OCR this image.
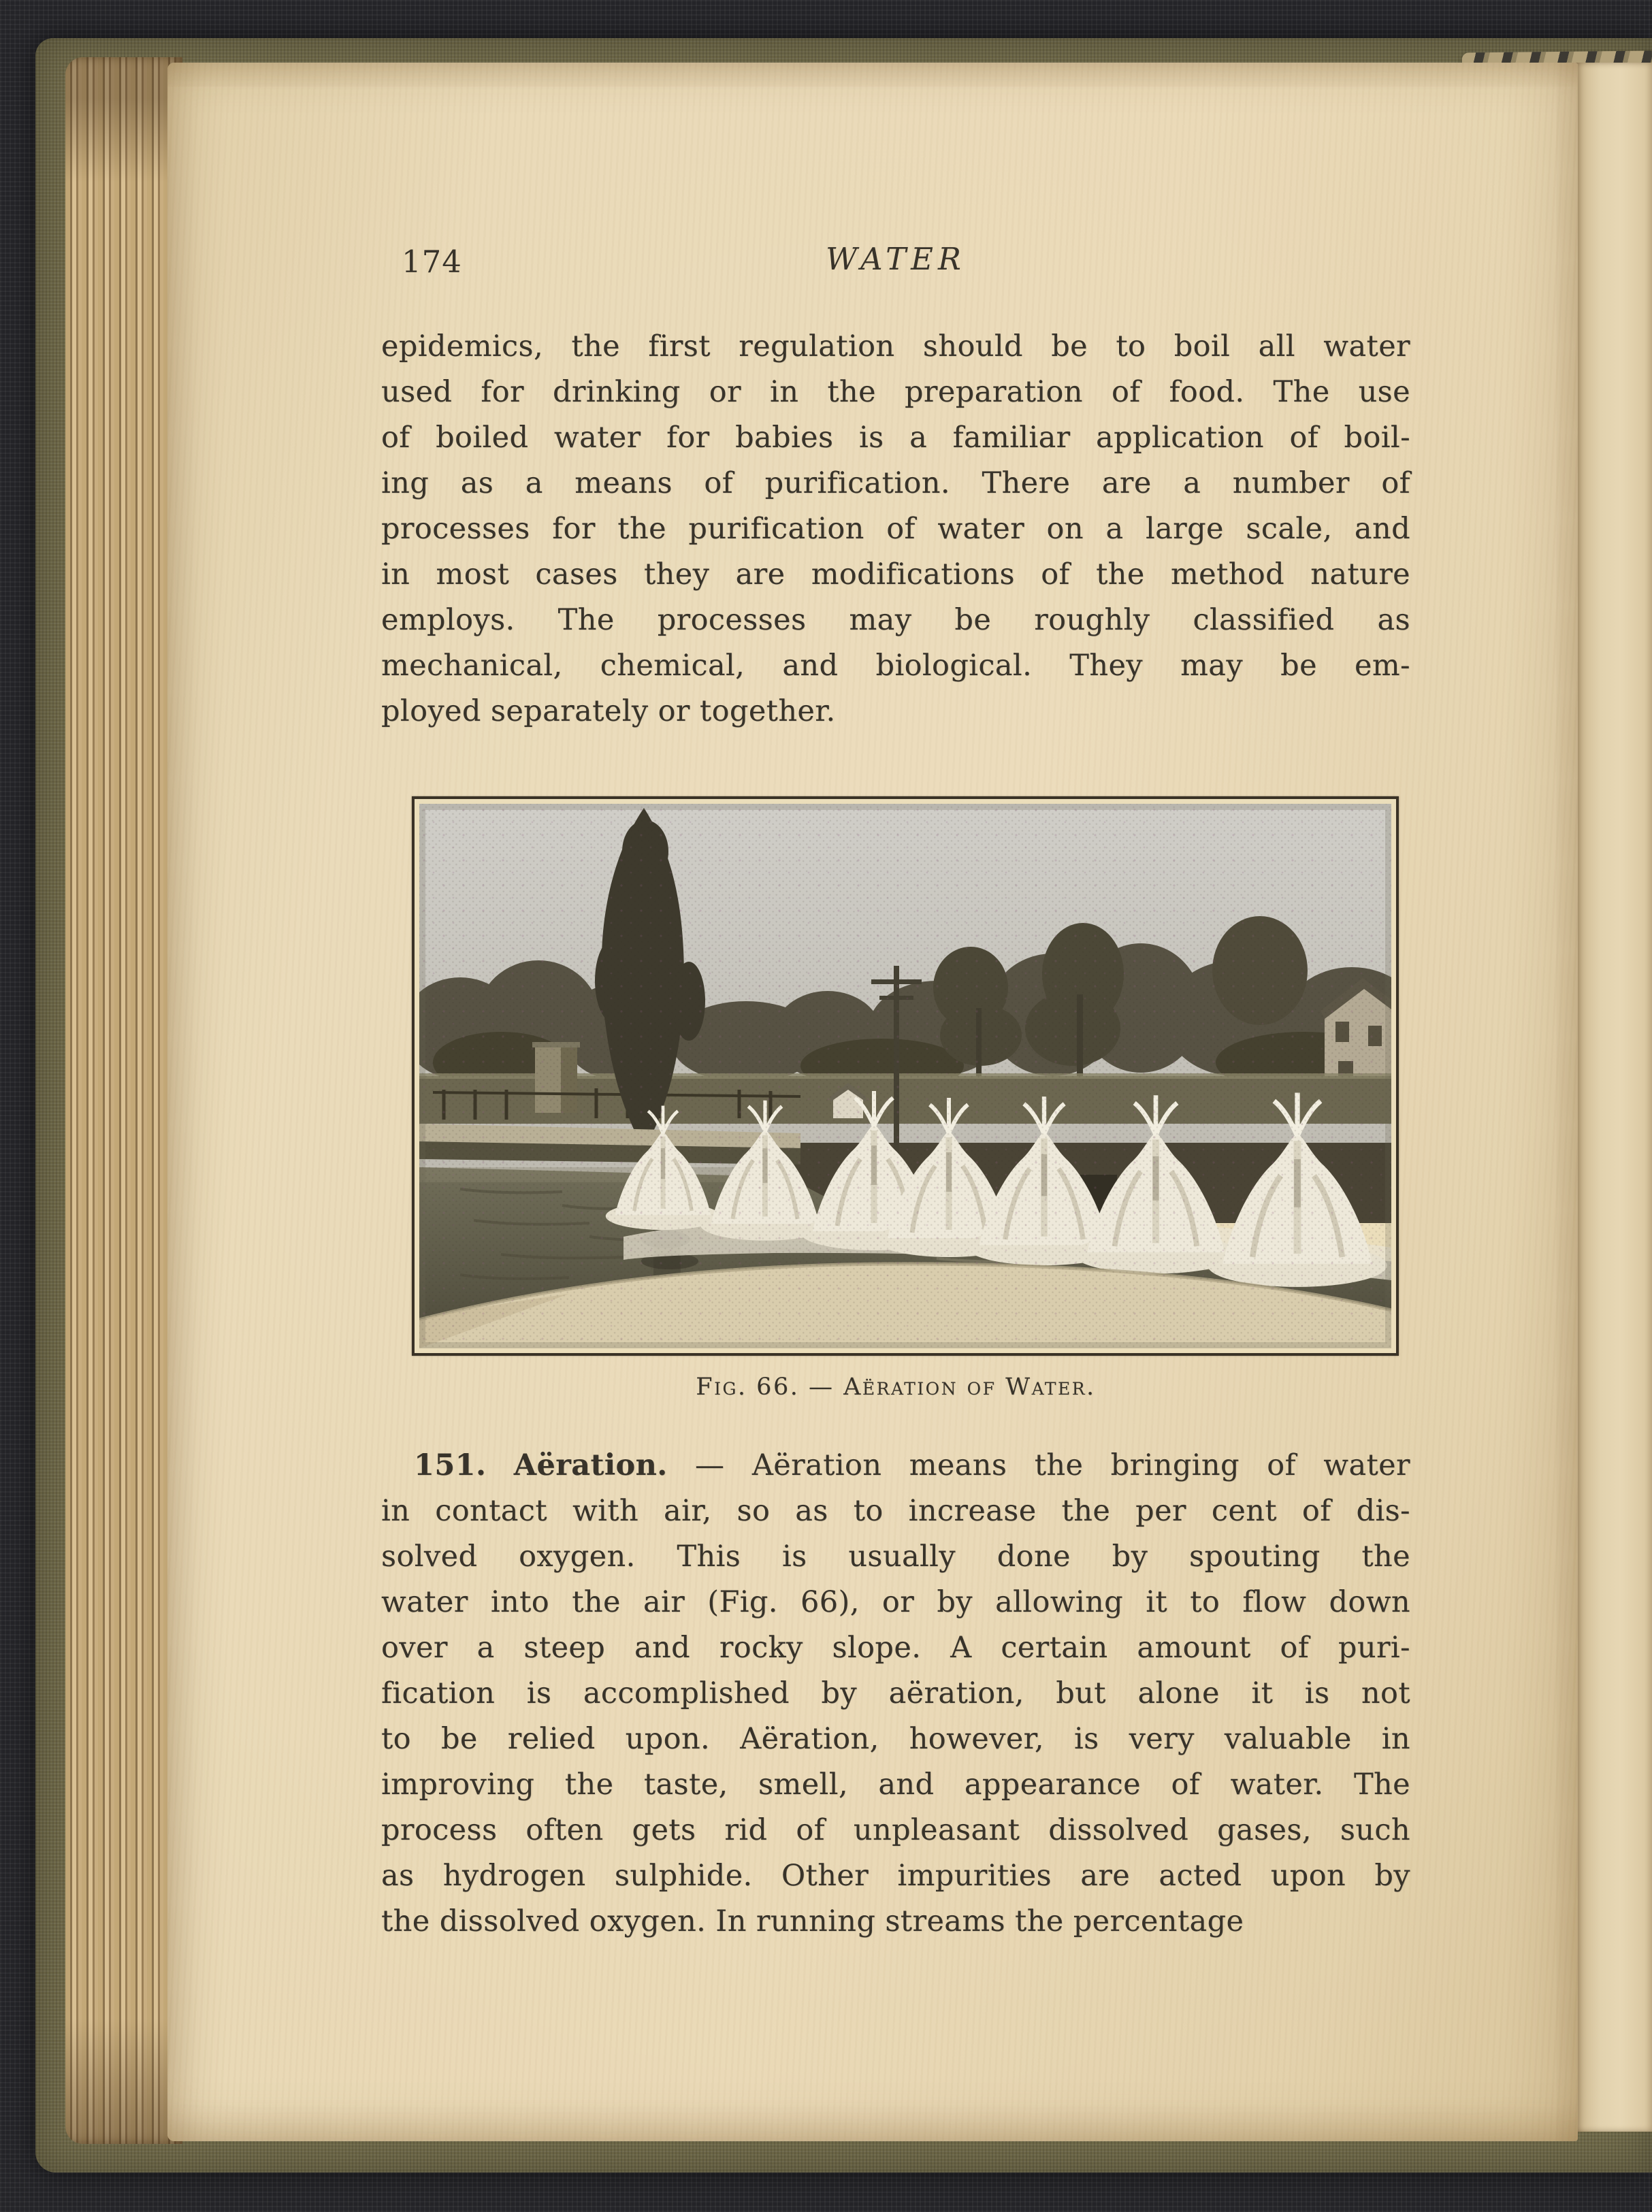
174	WATER
epidemics, the first regulation should be to boil all water
used for drinking or in the preparation of food. The use
of boiled water for babies is a familiar application of boil-
ing as a means of purification. There are a number of
processes for the purification of water on a large scale, and
in most cases they are modifications of the method nature
employs. The processes may be roughly classified as
mechanical, chemical, and biological. They may be em-
ployed separately or together.
Fig. 66. — Aëration of Water.
151. Aëration. — Aëration means the bringing of water
in contact with air, so as to increase the per cent of dis-
solved oxygen. This is usually done by spouting the
water into the air (Fig. 66), or by allowing it to flow down
over a steep and rocky slope. A certain amount of puri-
fication is accomplished by aëration, but alone it is not
to be relied upon. Aëration, however, is very valuable in
improving the taste, smell, and appearance of water. The
process often gets rid of unpleasant dissolved gases, such
as hydrogen sulphide. Other impurities are acted upon by
the dissolved oxygen. In running streams the percentage
